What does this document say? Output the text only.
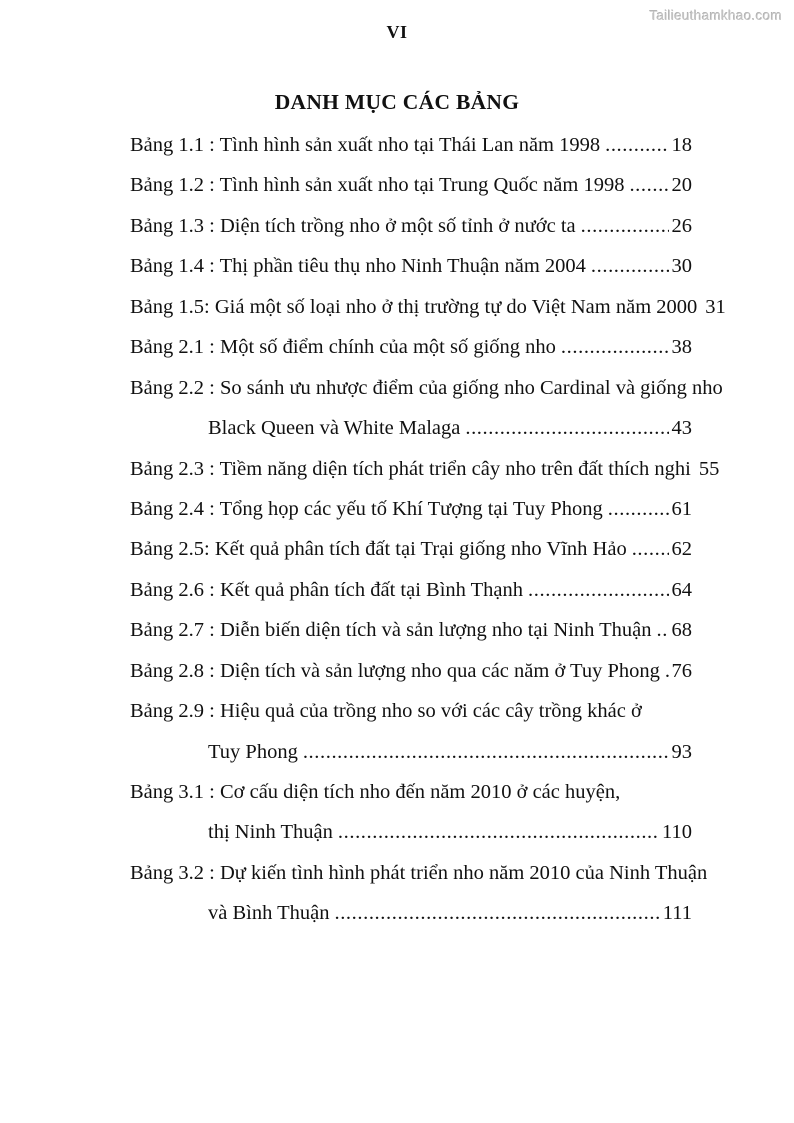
Tailieuthamkhao.com
VI
DANH MỤC CÁC BẢNG
Bảng 1.1 : Tình hình sản xuất nho tại Thái Lan năm 1998 .....	18
Bảng 1.2 : Tình hình sản xuất nho tại Trung Quốc năm 1998 ..... 20
Bảng 1.3 : Diện tích trồng nho ở một số tỉnh ở nước ta .....	26
Bảng 1.4 : Thị phần tiêu thụ nho Ninh Thuận năm 2004 .....	30
Bảng 1.5: Giá một số loại nho ở thị trường tự do Việt Nam năm 2000 31
Bảng 2.1 : Một số điểm chính của một số giống nho .....	38
Bảng 2.2 : So sánh ưu nhược điểm của giống nho Cardinal và giống nho
Black Queen và White Malaga .....	43
Bảng 2.3 : Tiềm năng diện tích phát triển cây nho trên đất thích nghi 55
Bảng 2.4 : Tổng họp các yếu tố Khí Tượng tại Tuy Phong .....	61
Bảng 2.5: Kết quả phân tích đất tại Trại giống nho Vĩnh Hảo ..... 62
Bảng 2.6 : Kết quả phân tích đất tại Bình Thạnh .....	64
Bảng 2.7 : Diễn biến diện tích và sản lượng nho tại Ninh Thuận ..... 68
Bảng 2.8 : Diện tích và sản lượng nho qua các năm ở Tuy Phong ..... 76
Bảng 2.9 : Hiệu quả của trồng nho so với các cây trồng khác ở
Tuy Phong .....	93
Bảng 3.1 : Cơ cấu diện tích nho đến năm 2010 ở các huyện,
thị Ninh Thuận .....	110
Bảng 3.2 : Dự kiến tình hình phát triển nho năm 2010 của Ninh Thuận
và Bình Thuận .....	111
